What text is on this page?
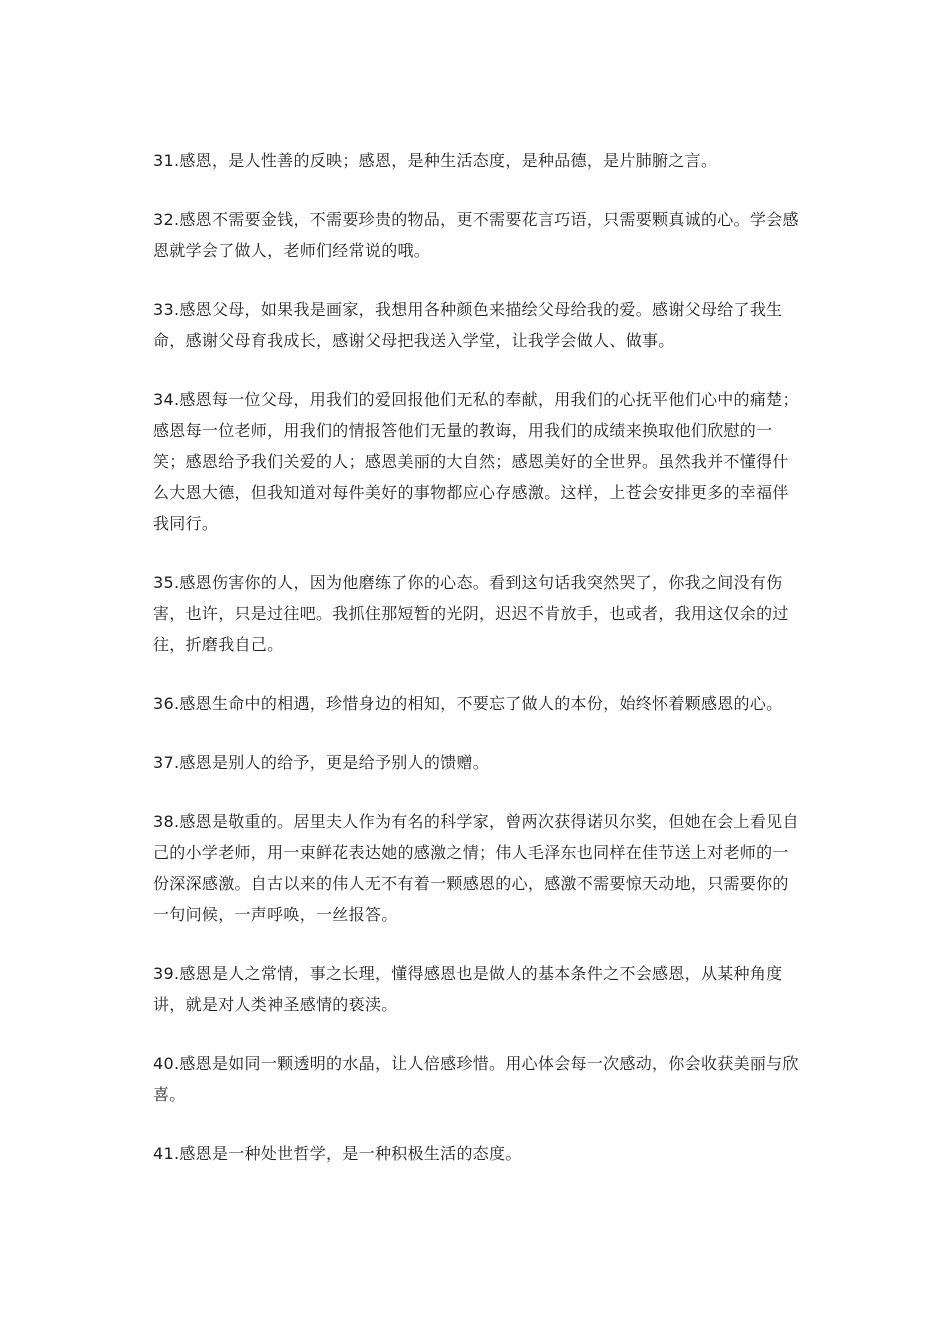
31.感恩，是人性善的反映；感恩，是种生活态度，是种品德，是片肺腑之言。

32.感恩不需要金钱，不需要珍贵的物品，更不需要花言巧语，只需要颗真诚的心。学会感恩就学会了做人，老师们经常说的哦。

33.感恩父母，如果我是画家，我想用各种颜色来描绘父母给我的爱。感谢父母给了我生命，感谢父母育我成长，感谢父母把我送入学堂，让我学会做人、做事。

34.感恩每一位父母，用我们的爱回报他们无私的奉献，用我们的心抚平他们心中的痛楚；感恩每一位老师，用我们的情报答他们无量的教诲，用我们的成绩来换取他们欣慰的一笑；感恩给予我们关爱的人；感恩美丽的大自然；感恩美好的全世界。虽然我并不懂得什么大恩大德，但我知道对每件美好的事物都应心存感激。这样，上苍会安排更多的幸福伴我同行。

35.感恩伤害你的人，因为他磨练了你的心态。看到这句话我突然哭了，你我之间没有伤害，也许，只是过往吧。我抓住那短暂的光阴，迟迟不肯放手，也或者，我用这仅余的过往，折磨我自己。

36.感恩生命中的相遇，珍惜身边的相知，不要忘了做人的本份，始终怀着颗感恩的心。

37.感恩是别人的给予，更是给予别人的馈赠。

38.感恩是敬重的。居里夫人作为有名的科学家，曾两次获得诺贝尔奖，但她在会上看见自己的小学老师，用一束鲜花表达她的感激之情；伟人毛泽东也同样在佳节送上对老师的一份深深感激。自古以来的伟人无不有着一颗感恩的心，感激不需要惊天动地，只需要你的一句问候，一声呼唤，一丝报答。

39.感恩是人之常情，事之长理，懂得感恩也是做人的基本条件之不会感恩，从某种角度讲，就是对人类神圣感情的亵渎。

40.感恩是如同一颗透明的水晶，让人倍感珍惜。用心体会每一次感动，你会收获美丽与欣喜。

41.感恩是一种处世哲学，是一种积极生活的态度。
